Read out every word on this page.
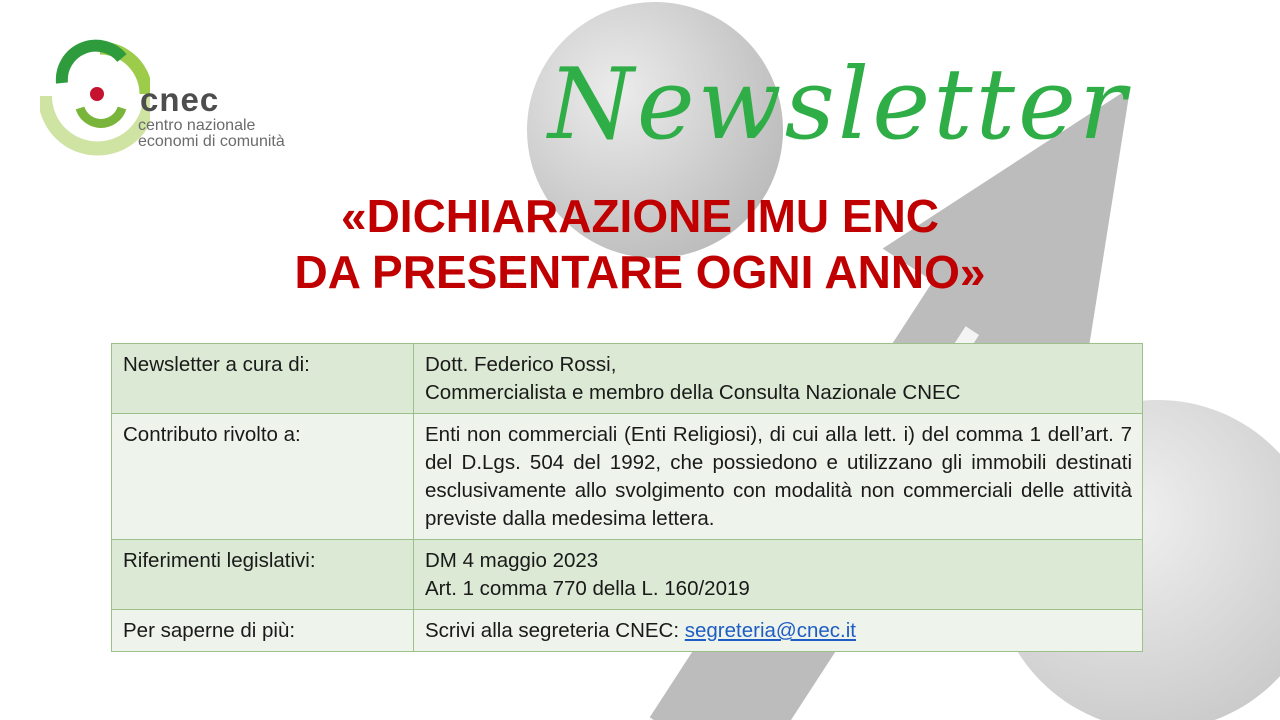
cnec
centro nazionale
economi di comunità	Newsletter
«DICHIARAZIONE IMU ENC
DA PRESENTARE OGNI ANNO»
Newsletter a cura di:	Dott. Federico Rossi,
Commercialista e membro della Consulta Nazionale CNEC

Contributo rivolto a:	Enti non commerciali (Enti Religiosi), di cui alla lett. i) del comma 1 dell’art. 7 del D.Lgs. 504 del 1992, che possiedono e utilizzano gli immobili destinati esclusivamente allo svolgimento con modalità non commerciali delle attività previste dalla medesima lettera.
Riferimenti legislativi:	DM 4 maggio 2023
Art. 1 comma 770 della L. 160/2019

Per saperne di più:	Scrivi alla segreteria CNEC: segreteria@cnec.it
